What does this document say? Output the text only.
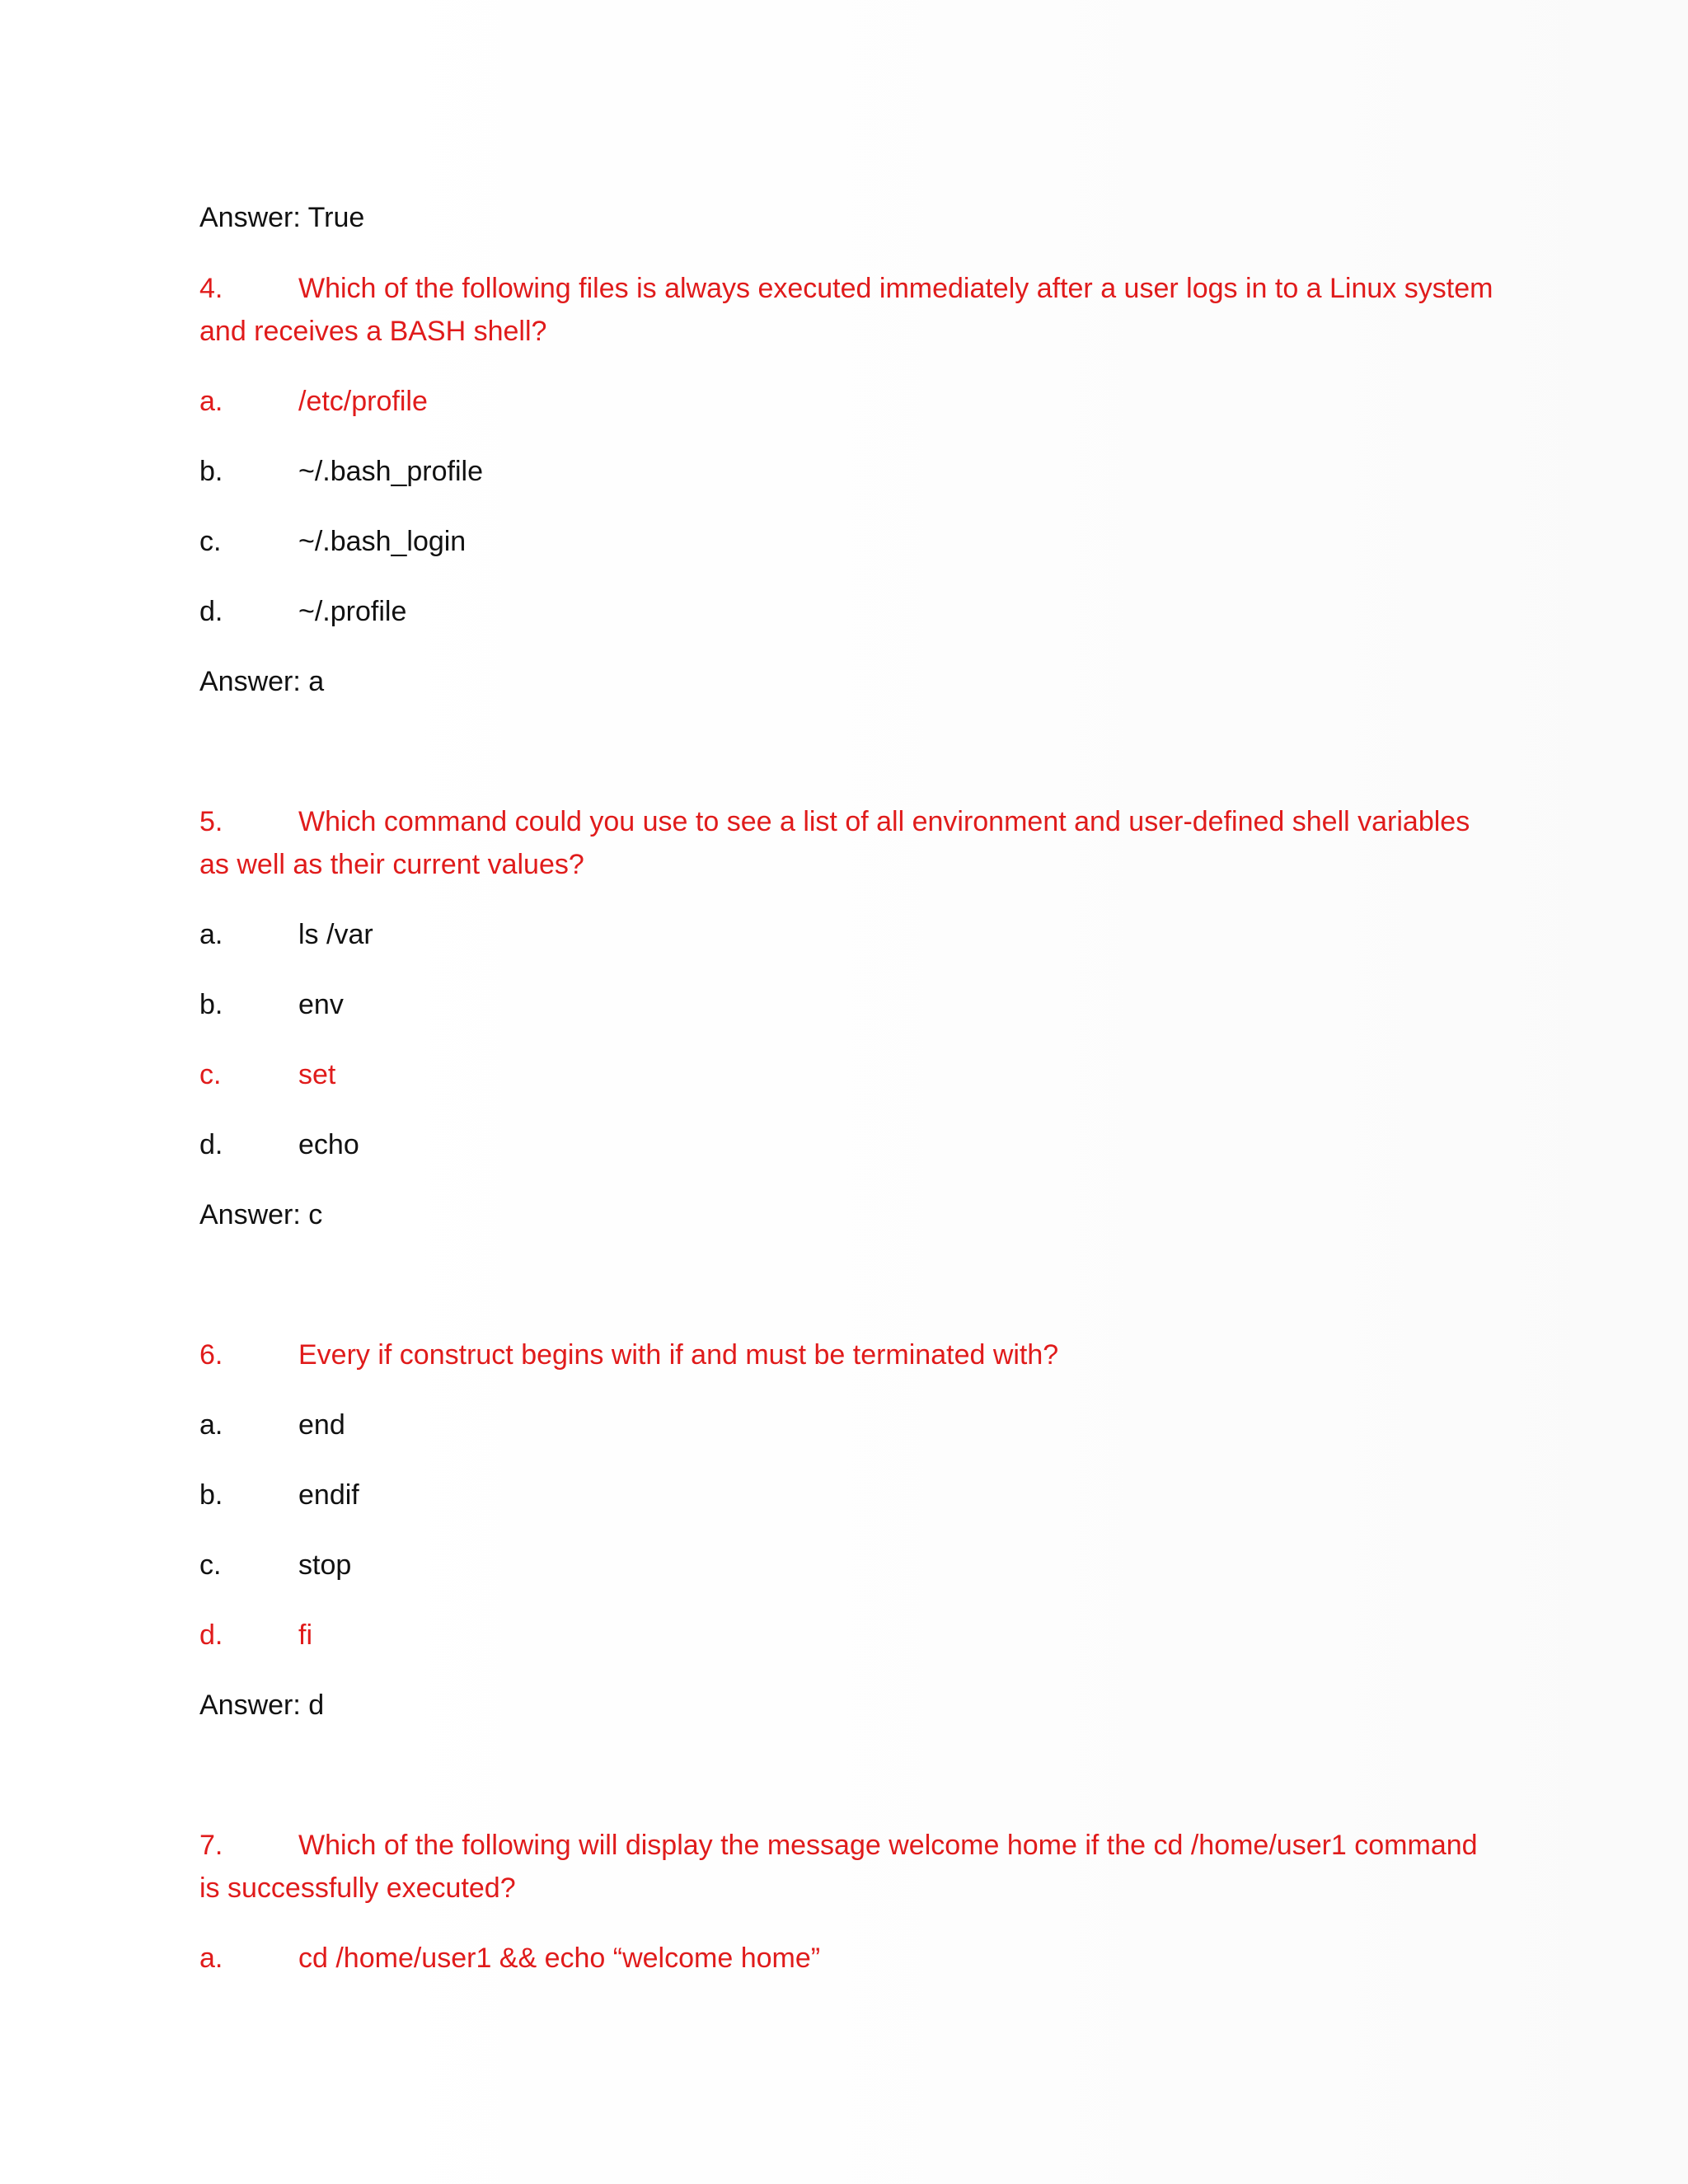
Answer: True

4.	Which of the following files is always executed immediately after a user logs in to a Linux system and receives a BASH shell?
a.	/etc/profile
b.	~/.bash_profile
c.	~/.bash_login
d.	~/.profile
Answer: a
5.	Which command could you use to see a list of all environment and user-defined shell variables as well as their current values?
a.	ls /var
b.	env
c.	set
d.	echo
Answer: c
6.	Every if construct begins with if and must be terminated with?
a.	end
b.	endif
c.	stop
d.	fi
Answer: d
7.	Which of the following will display the message welcome home if the cd /home/user1 command is successfully executed?
a.	cd /home/user1 && echo “welcome home”
